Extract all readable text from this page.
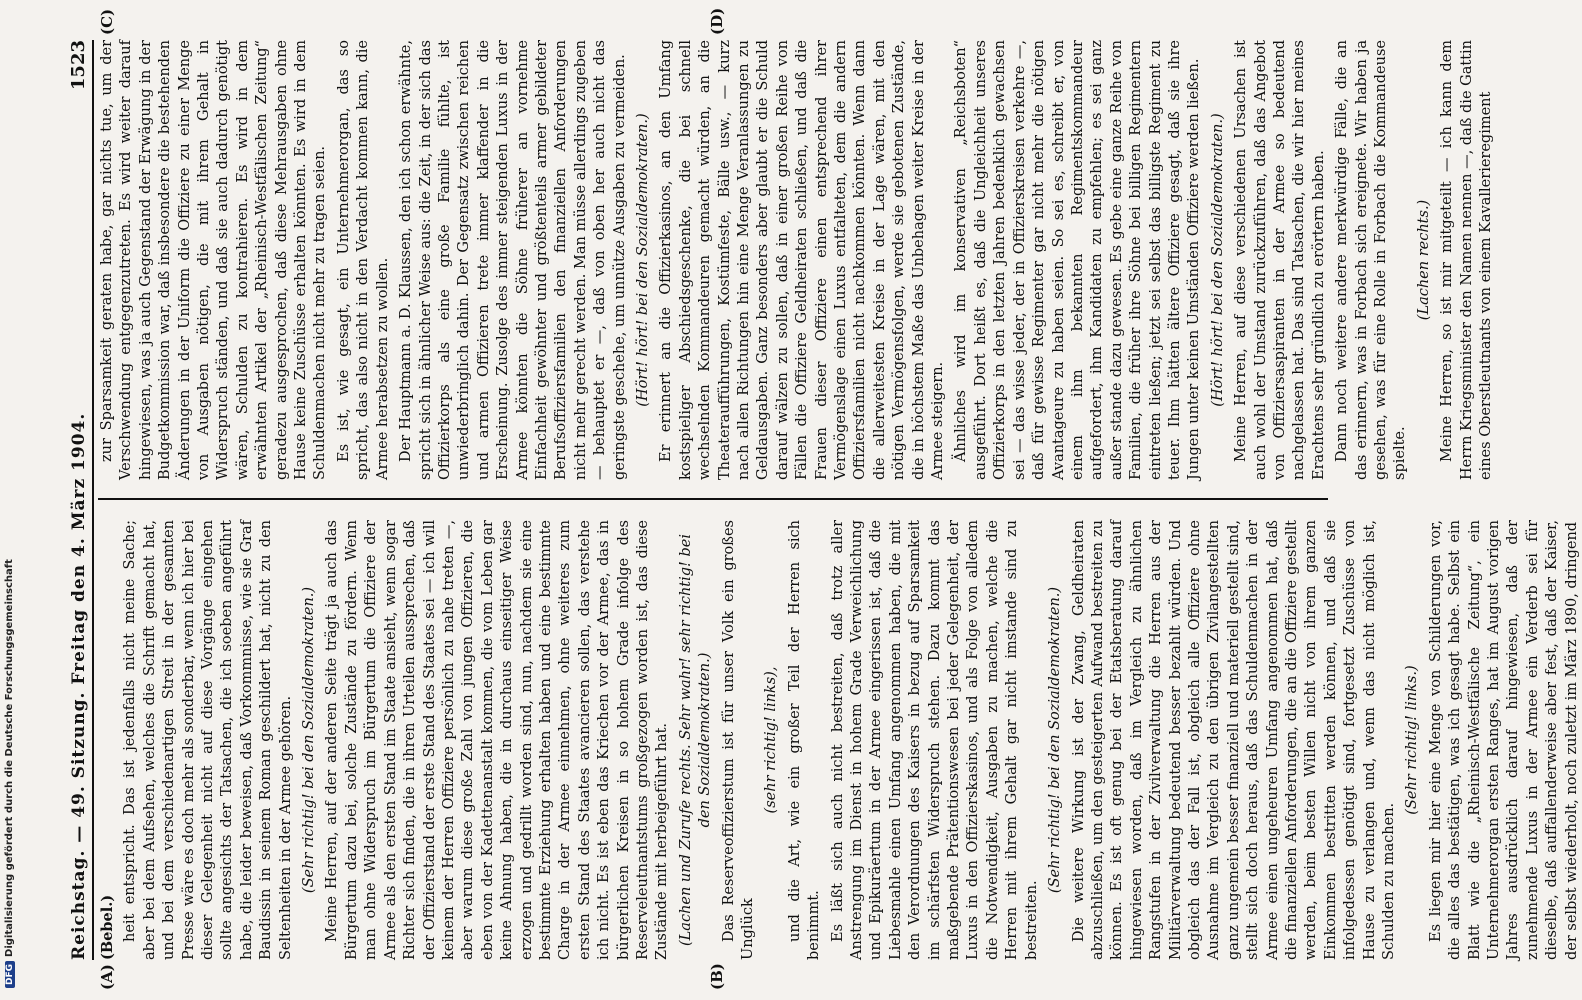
Reichstag. — 49. Sitzung. Freitag den 4. März 1904.
1523

(Bebel.) heit entspricht. Das ist jedenfalls nicht meine Sache; aber bei dem Aufsehen, welches die Schrift gemacht hat, und bei dem verschiedenartigen Streit in der gesamten Presse wäre es doch mehr als sonderbar, wenn ich hier bei dieser Gelegenheit nicht auf diese Vorgänge eingehen sollte angesichts der Tatsachen, die ich soeben angeführt habe, die leider beweisen, daß Vorkommnisse, wie sie Graf Baudissin in seinem Roman geschildert hat, nicht zu den Seltenheiten in der Armee gehören. (Sehr richtig! bei den Sozialdemokraten.) Meine Herren, auf der anderen Seite trägt ja auch das Bürgertum dazu bei, solche Zustände zu fördern. Wenn man ohne Widerspruch im Bürgertum die Offiziere der Armee als den ersten Stand im Staate ansieht, wenn sogar Richter sich finden, die in ihren Urteilen aussprechen, daß der Offizierstand der erste Stand des Staates sei — ich will keinem der Herren Offiziere persönlich zu nahe treten —, aber warum diese große Zahl von jungen Offizieren, die eben von der Kadettenanstalt kommen, die vom Leben gar keine Ahnung haben, die in durchaus einseitiger Weise erzogen und gedrillt worden sind, nun, nachdem sie eine bestimmte Erziehung erhalten haben und eine bestimmte Charge in der Armee einnehmen, ohne weiteres zum ersten Stand des Staates avancieren sollen, das verstehe ich nicht. Es ist eben das Kriechen vor der Armee, das in bürgerlichen Kreisen in so hohem Grade infolge des Reserveleutnantstums großgezogen worden ist, das diese Zustände mit herbeigeführt hat. (Lachen und Zurufe rechts. Sehr wahr! sehr richtig! bei den Sozialdemokraten.) Das Reserveoffizierstum ist für unser Volk ein großes Unglück

(sehr richtig! links), und die Art, wie ein großer Teil der Herren sich benimmt. Es läßt sich auch nicht bestreiten, daß trotz aller Anstrengung im Dienst in hohem Grade Verweichlichung und Epikuräertum in der Armee eingerissen ist, daß die Liebesmahle einen Umfang angenommen haben, die mit den Verordnungen des Kaisers in bezug auf Sparsamkeit im schärfsten Widerspruch stehen. Dazu kommt das maßgebende Prätentionswesen bei jeder Gelegenheit, der Luxus in den Offizierskasinos, und als Folge von alledem die Notwendigkeit, Ausgaben zu machen, welche die Herren mit ihrem Gehalt gar nicht imstande sind zu bestreiten.

(Sehr richtig! bei den Sozialdemokraten.) Die weitere Wirkung ist der Zwang, Geldheiraten abzuschließen, um den gesteigerten Aufwand bestreiten zu können. Es ist oft genug bei der Etatsberatung darauf hingewiesen worden, daß im Vergleich zu ähnlichen Rangstufen in der Zivilverwaltung die Herren aus der Militärverwaltung bedeutend besser bezahlt würden. Und obgleich das der Fall ist, obgleich alle Offiziere ohne Ausnahme im Vergleich zu den übrigen Zivilangestellten ganz ungemein besser finanziell und materiell gestellt sind, stellt sich doch heraus, daß das Schuldenmachen in der Armee einen ungeheuren Umfang angenommen hat, daß die finanziellen Anforderungen, die an die Offiziere gestellt werden, beim besten Willen nicht von ihrem ganzen Einkommen bestritten werden können, und daß sie infolgedessen genötigt sind, fortgesetzt Zuschüsse von Hause zu verlangen und, wenn das nicht möglich ist, Schulden zu machen.

(Sehr richtig! links.) Es liegen mir hier eine Menge von Schilderungen vor, die alles das bestätigen, was ich gesagt habe. Selbst ein Blatt wie die „Rheinisch-Westfälische Zeitung“, ein Unternehmerorgan ersten Ranges, hat im August vorigen Jahres ausdrücklich darauf hingewiesen, daß der zunehmende Luxus in der Armee ein Verderb sei für dieselbe, daß auffallenderweise aber fest, daß der Kaiser, der selbst wiederholt, noch zuletzt im März 1890, dringend

zur Sparsamkeit geraten habe, gar nichts tue, um der Verschwendung entgegenzutreten. Es wird weiter darauf hingewiesen, was ja auch Gegenstand der Erwägung in der Budgetkommission war, daß insbesondere die bestehenden Änderungen in der Uniform die Offiziere zu einer Menge von Ausgaben nötigen, die mit ihrem Gehalt in Widerspruch ständen, und daß sie auch dadurch genötigt wären, Schulden zu kontrahieren. Es wird in dem erwähnten Artikel der „Rheinisch-Westfälischen Zeitung“ geradezu ausgesprochen, daß diese Mehrausgaben ohne Hause keine Zuschüsse erhalten könnten. Es wird in dem Schuldenmachen nicht mehr zu tragen seien. Es ist, wie gesagt, ein Unternehmerorgan, das so spricht, das also nicht in den Verdacht kommen kann, die Armee herabsetzen zu wollen. Der Hauptmann a. D. Klaussen, den ich schon erwähnte, spricht sich in ähnlicher Weise aus: die Zeit, in der sich das Offizierkorps als eine große Familie fühlte, ist unwiederbringlich dahin. Der Gegensatz zwischen reichen und armen Offizieren trete immer klaffender in die Erscheinung. Zusolge des immer steigenden Luxus in der Armee könnten die Söhne früherer an vornehme Einfachheit gewöhnter und größtenteils armer gebildeter Berufsoffiziersfamilien den finanziellen Anforderungen nicht mehr gerecht werden. Man müsse allerdings zugeben — behauptet er —, daß von oben her auch nicht das geringste geschehe, um unnütze Ausgaben zu vermeiden. (Hört! hört! bei den Sozialdemokraten.) Er erinnert an die Offizierkasinos, an den Umfang kostspieliger Abschiedsgeschenke, die bei schnell wechselnden Kommandeuren gemacht würden, an die Theateraufführungen, Kostümfeste, Bälle usw., — kurz nach allen Richtungen hin eine Menge Veranlassungen zu Geldausgaben. Ganz besonders aber glaubt er die Schuld darauf wälzen zu sollen, daß in einer großen Reihe von Fällen die Offiziere Geldheiraten schließen, und daß die Frauen dieser Offiziere einen entsprechend ihrer Vermögenslage einen Luxus entfalteten, dem die andern Offiziersfamilien nicht nachkommen könnten. Wenn dann die allerweitesten Kreise in der Lage wären, mit den nötigen Vermögensfolgen, werde sie gebotenen Zustände, die in höchstem Maße das Unbehagen weiter Kreise in der Armee steigern. Ähnliches wird im konservativen „Reichsboten“ ausgeführt. Dort heißt es, daß die Ungleichheit unseres Offizierkorps in den letzten Jahren bedenklich gewachsen sei — das wisse jeder, der in Offizierskreisen verkehre —, daß für gewisse Regimenter gar nicht mehr die nötigen Avantageure zu haben seien. So sei es, schreibt er, von einem ihm bekannten Regimentskommandeur aufgefordert, ihm Kandidaten zu empfehlen; es sei ganz außer stande dazu gewesen. Es gebe eine ganze Reihe von Familien, die früher ihre Söhne bei billigen Regimentern eintreten ließen; jetzt sei selbst das billigste Regiment zu teuer. Ihm hätten ältere Offiziere gesagt, daß sie ihre Jungen unter keinen Umständen Offiziere werden ließen. (Hört! hört! bei den Sozialdemokraten.) Meine Herren, auf diese verschiedenen Ursachen ist auch wohl der Umstand zurückzuführen, daß das Angebot von Offiziersaspiranten in der Armee so bedeutend nachgelassen hat. Das sind Tatsachen, die wir hier meines Erachtens sehr gründlich zu erörtern haben. Dann noch weitere andere merkwürdige Fälle, die an das erinnern, was in Forbach sich ereignete. Wir haben ja gesehen, was für eine Rolle in Forbach die Kommandeuse spielte.

(Lachen rechts.) Meine Herren, so ist mir mitgeteilt — ich kann dem Herrn Kriegsminister den Namen nennen —, daß die Gattin eines Oberstleutnants von einem Kavallerieregiment

(A)	(B)
(C)	(D)
DFGDigitalisierung gefördert durch die Deutsche Forschungsgemeinschaft
